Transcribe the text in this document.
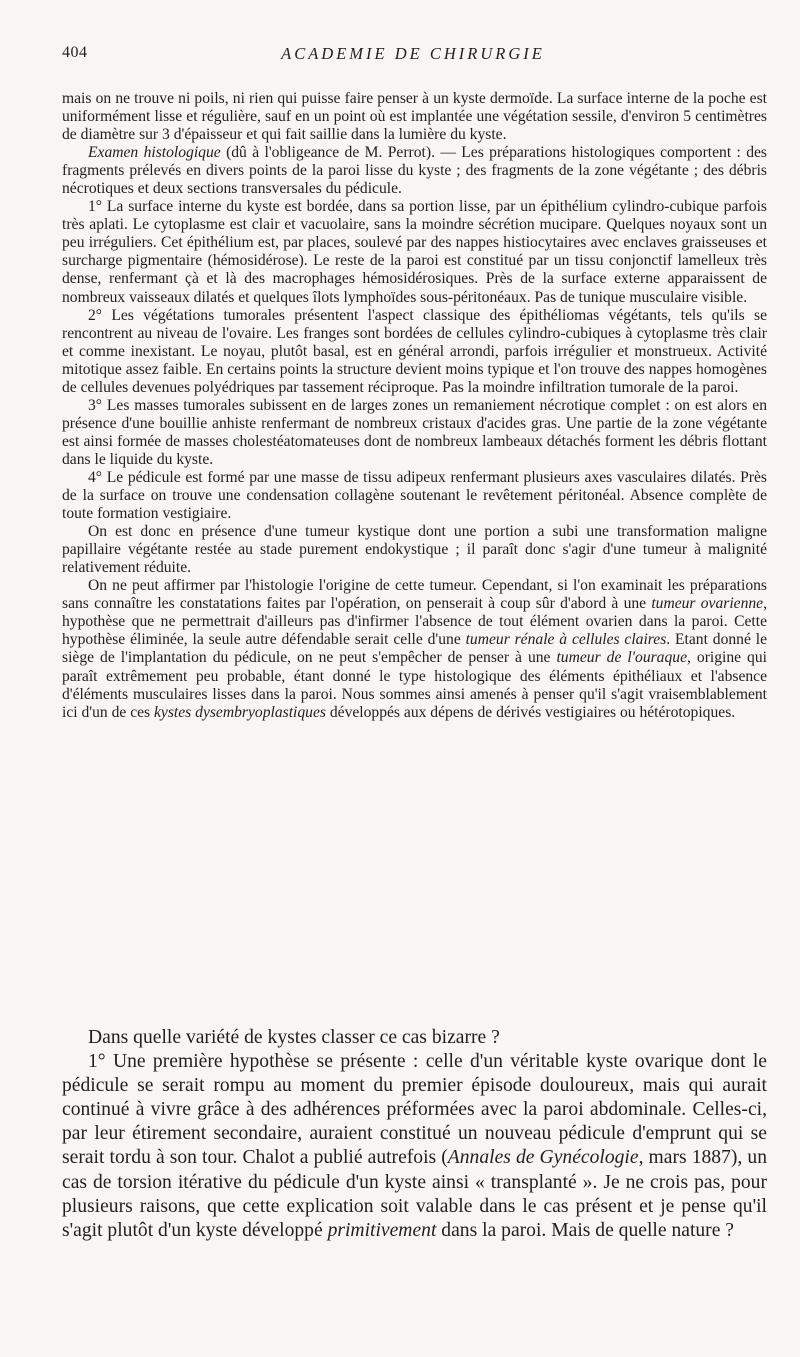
404	ACADEMIE DE CHIRURGIE

mais on ne trouve ni poils, ni rien qui puisse faire penser à un kyste dermoïde. La surface interne de la poche est uniformément lisse et régulière, sauf en un point où est implantée une végétation sessile, d'environ 5 centimètres de diamètre sur 3 d'épaisseur et qui fait saillie dans la lumière du kyste.

Examen histologique (dû à l'obligeance de M. Perrot). — Les préparations histologiques comportent : des fragments prélevés en divers points de la paroi lisse du kyste ; des fragments de la zone végétante ; des débris nécrotiques et deux sections transversales du pédicule.

1° La surface interne du kyste est bordée, dans sa portion lisse, par un épithélium cylindro-cubique parfois très aplati. Le cytoplasme est clair et vacuolaire, sans la moindre sécrétion mucipare. Quelques noyaux sont un peu irréguliers. Cet épithélium est, par places, soulevé par des nappes histiocytaires avec enclaves graisseuses et surcharge pigmentaire (hémosidérose). Le reste de la paroi est constitué par un tissu conjonctif lamelleux très dense, renfermant çà et là des macrophages hémosidérosiques. Près de la surface externe apparaissent de nombreux vaisseaux dilatés et quelques îlots lymphoïdes sous-péritonéaux. Pas de tunique musculaire visible.

2° Les végétations tumorales présentent l'aspect classique des épithéliomas végétants, tels qu'ils se rencontrent au niveau de l'ovaire. Les franges sont bordées de cellules cylindro-cubiques à cytoplasme très clair et comme inexistant. Le noyau, plutôt basal, est en général arrondi, parfois irrégulier et monstrueux. Activité mitotique assez faible. En certains points la structure devient moins typique et l'on trouve des nappes homogènes de cellules devenues polyédriques par tassement réciproque. Pas la moindre infiltration tumorale de la paroi.

3° Les masses tumorales subissent en de larges zones un remaniement nécrotique complet : on est alors en présence d'une bouillie anhiste renfermant de nombreux cristaux d'acides gras. Une partie de la zone végétante est ainsi formée de masses cholestéatomateuses dont de nombreux lambeaux détachés forment les débris flottant dans le liquide du kyste.

4° Le pédicule est formé par une masse de tissu adipeux renfermant plusieurs axes vasculaires dilatés. Près de la surface on trouve une condensation collagène soutenant le revêtement péritonéal. Absence complète de toute formation vestigiaire.

On est donc en présence d'une tumeur kystique dont une portion a subi une transformation maligne papillaire végétante restée au stade purement endokystique ; il paraît donc s'agir d'une tumeur à malignité relativement réduite.

On ne peut affirmer par l'histologie l'origine de cette tumeur. Cependant, si l'on examinait les préparations sans connaître les constatations faites par l'opération, on penserait à coup sûr d'abord à une tumeur ovarienne, hypothèse que ne permettrait d'ailleurs pas d'infirmer l'absence de tout élément ovarien dans la paroi. Cette hypothèse éliminée, la seule autre défendable serait celle d'une tumeur rénale à cellules claires. Etant donné le siège de l'implantation du pédicule, on ne peut s'empêcher de penser à une tumeur de l'ouraque, origine qui paraît extrêmement peu probable, étant donné le type histologique des éléments épithéliaux et l'absence d'éléments musculaires lisses dans la paroi. Nous sommes ainsi amenés à penser qu'il s'agit vraisemblablement ici d'un de ces kystes dysembryoplastiques développés aux dépens de dérivés vestigiaires ou hétérotopiques.

Dans quelle variété de kystes classer ce cas bizarre ?

1° Une première hypothèse se présente : celle d'un véritable kyste ovarique dont le pédicule se serait rompu au moment du premier épisode douloureux, mais qui aurait continué à vivre grâce à des adhérences préformées avec la paroi abdominale. Celles-ci, par leur étirement secondaire, auraient constitué un nouveau pédicule d'emprunt qui se serait tordu à son tour. Chalot a publié autrefois (Annales de Gynécologie, mars 1887), un cas de torsion itérative du pédicule d'un kyste ainsi « transplanté ». Je ne crois pas, pour plusieurs raisons, que cette explication soit valable dans le cas présent et je pense qu'il s'agit plutôt d'un kyste développé primitivement dans la paroi. Mais de quelle nature ?
